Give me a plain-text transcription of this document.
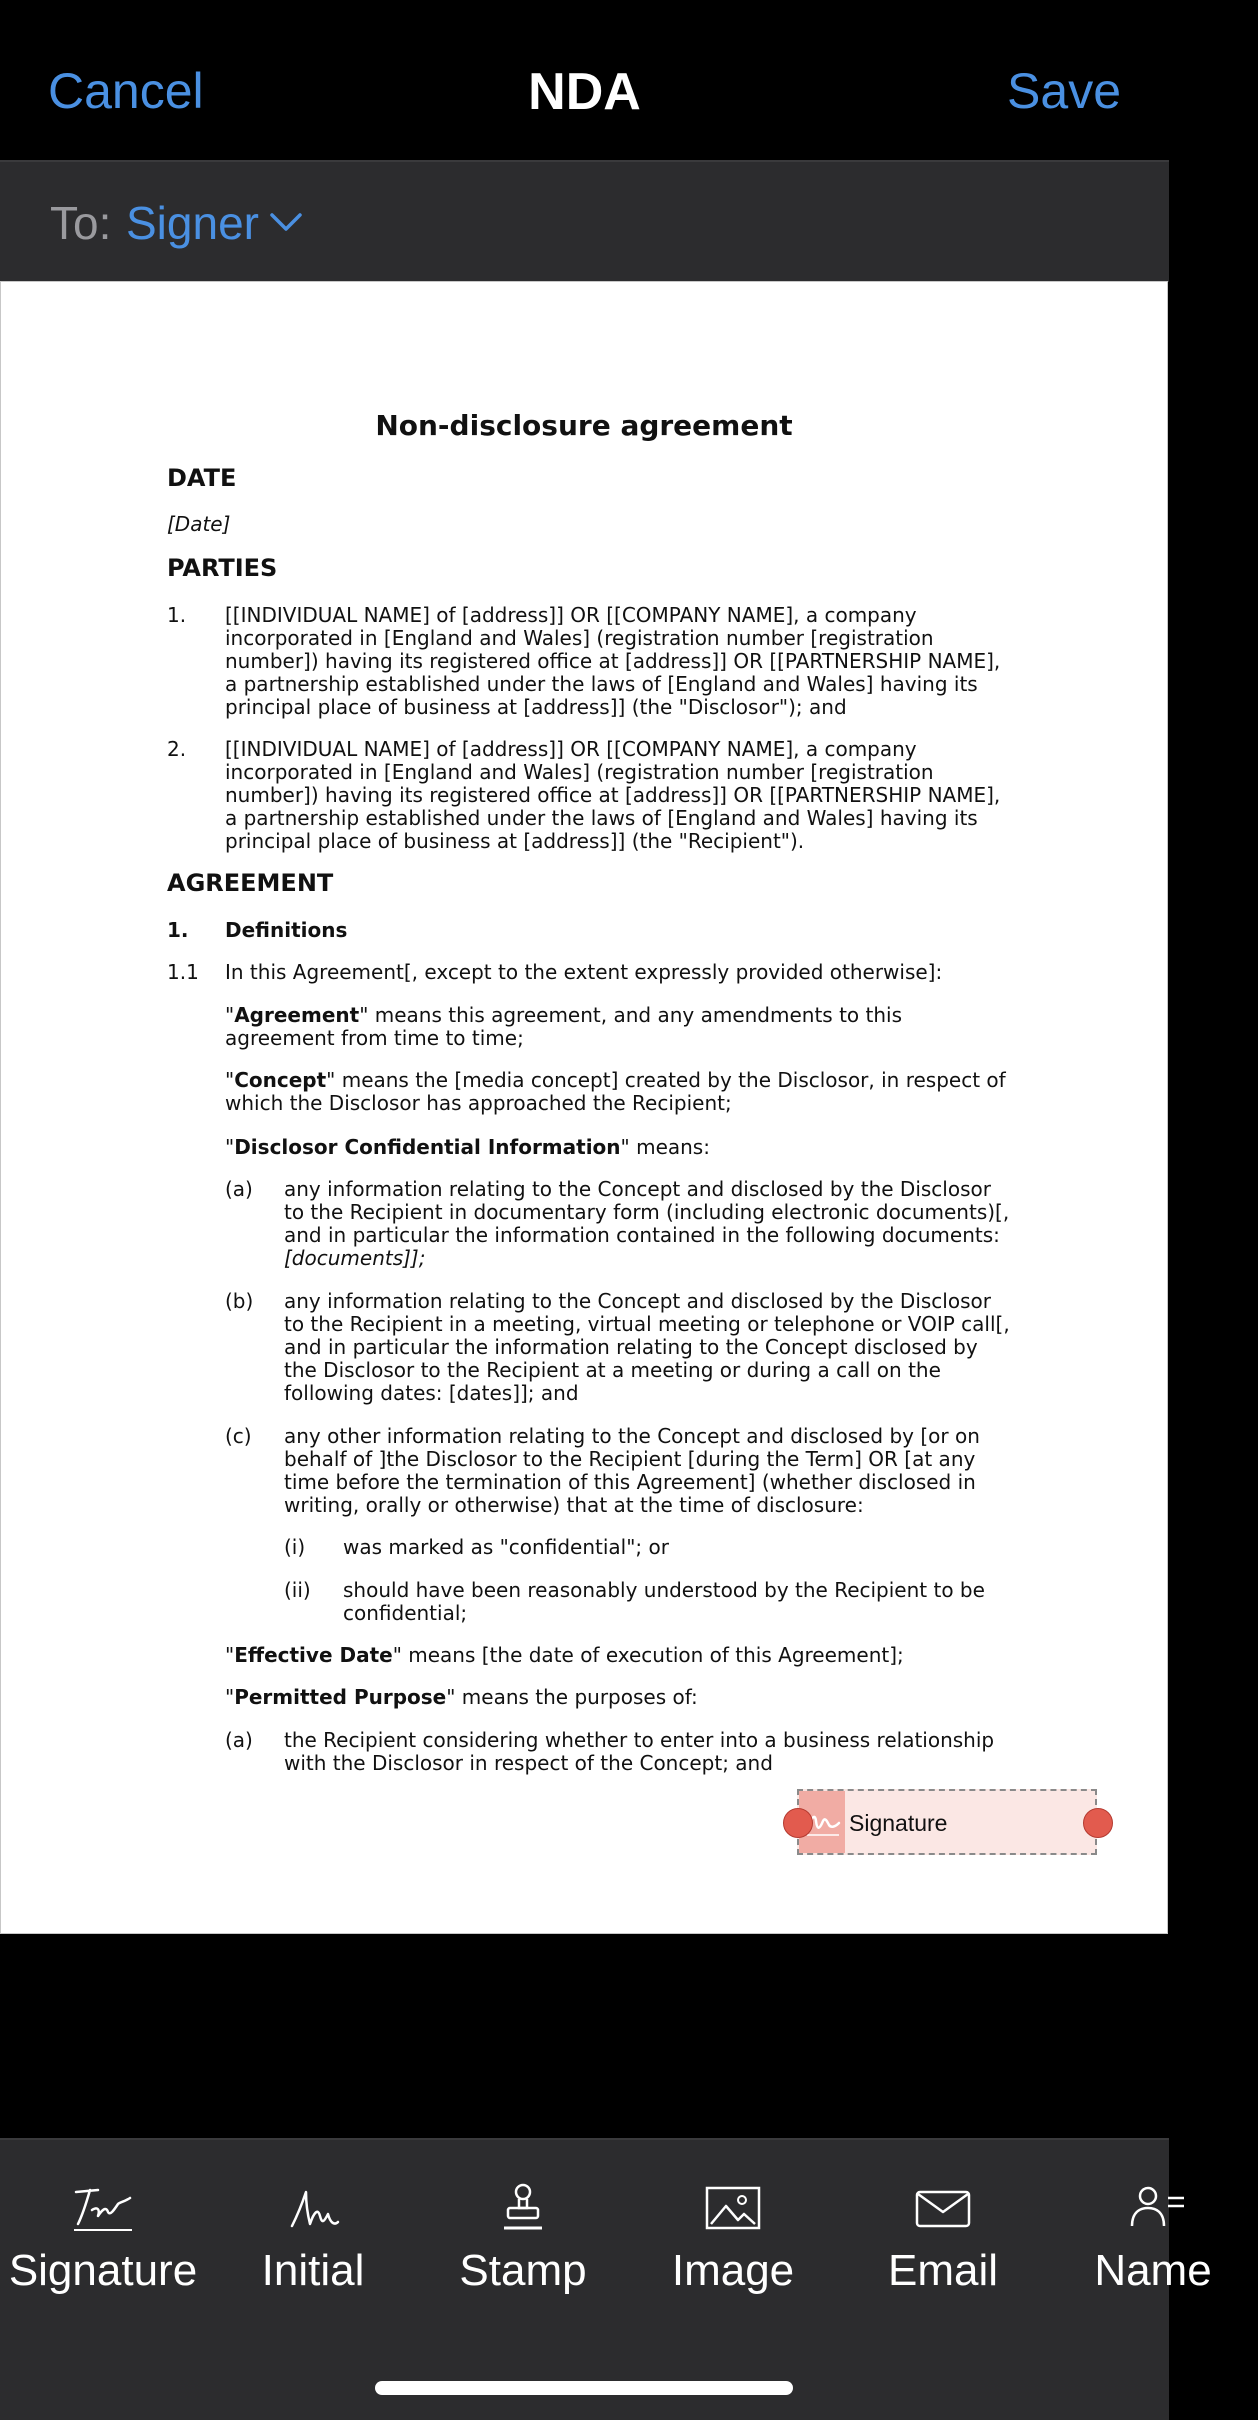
Cancel	NDA	Save
To: Signer
Non-disclosure agreement
DATE
[Date]
PARTIES
1. [[INDIVIDUAL NAME] of [address]] OR [[COMPANY NAME], a company
incorporated in [England and Wales] (registration number [registration
number]) having its registered office at [address]] OR [[PARTNERSHIP NAME],
a partnership established under the laws of [England and Wales] having its
principal place of business at [address]] (the "Disclosor"); and
2. [[INDIVIDUAL NAME] of [address]] OR [[COMPANY NAME], a company
incorporated in [England and Wales] (registration number [registration
number]) having its registered office at [address]] OR [[PARTNERSHIP NAME],
a partnership established under the laws of [England and Wales] having its
principal place of business at [address]] (the "Recipient").
AGREEMENT
1. Definitions
1.1 In this Agreement[, except to the extent expressly provided otherwise]:
"Agreement" means this agreement, and any amendments to this
agreement from time to time;
"Concept" means the [media concept] created by the Disclosor, in respect of
which the Disclosor has approached the Recipient;
"Disclosor Confidential Information" means:
(a) any information relating to the Concept and disclosed by the Disclosor
to the Recipient in documentary form (including electronic documents)[,
and in particular the information contained in the following documents:
[documents]];
(b) any information relating to the Concept and disclosed by the Disclosor
to the Recipient in a meeting, virtual meeting or telephone or VOIP call[,
and in particular the information relating to the Concept disclosed by
the Disclosor to the Recipient at a meeting or during a call on the
following dates: [dates]]; and
(c) any other information relating to the Concept and disclosed by [or on
behalf of ]the Disclosor to the Recipient [during the Term] OR [at any
time before the termination of this Agreement] (whether disclosed in
writing, orally or otherwise) that at the time of disclosure:
(i) was marked as "confidential"; or
(ii) should have been reasonably understood by the Recipient to be
confidential;
"Effective Date" means [the date of execution of this Agreement];
"Permitted Purpose" means the purposes of:
(a) the Recipient considering whether to enter into a business relationship
with the Disclosor in respect of the Concept; and
Signature
Signature	Initial	Stamp	Image	Email	Name
